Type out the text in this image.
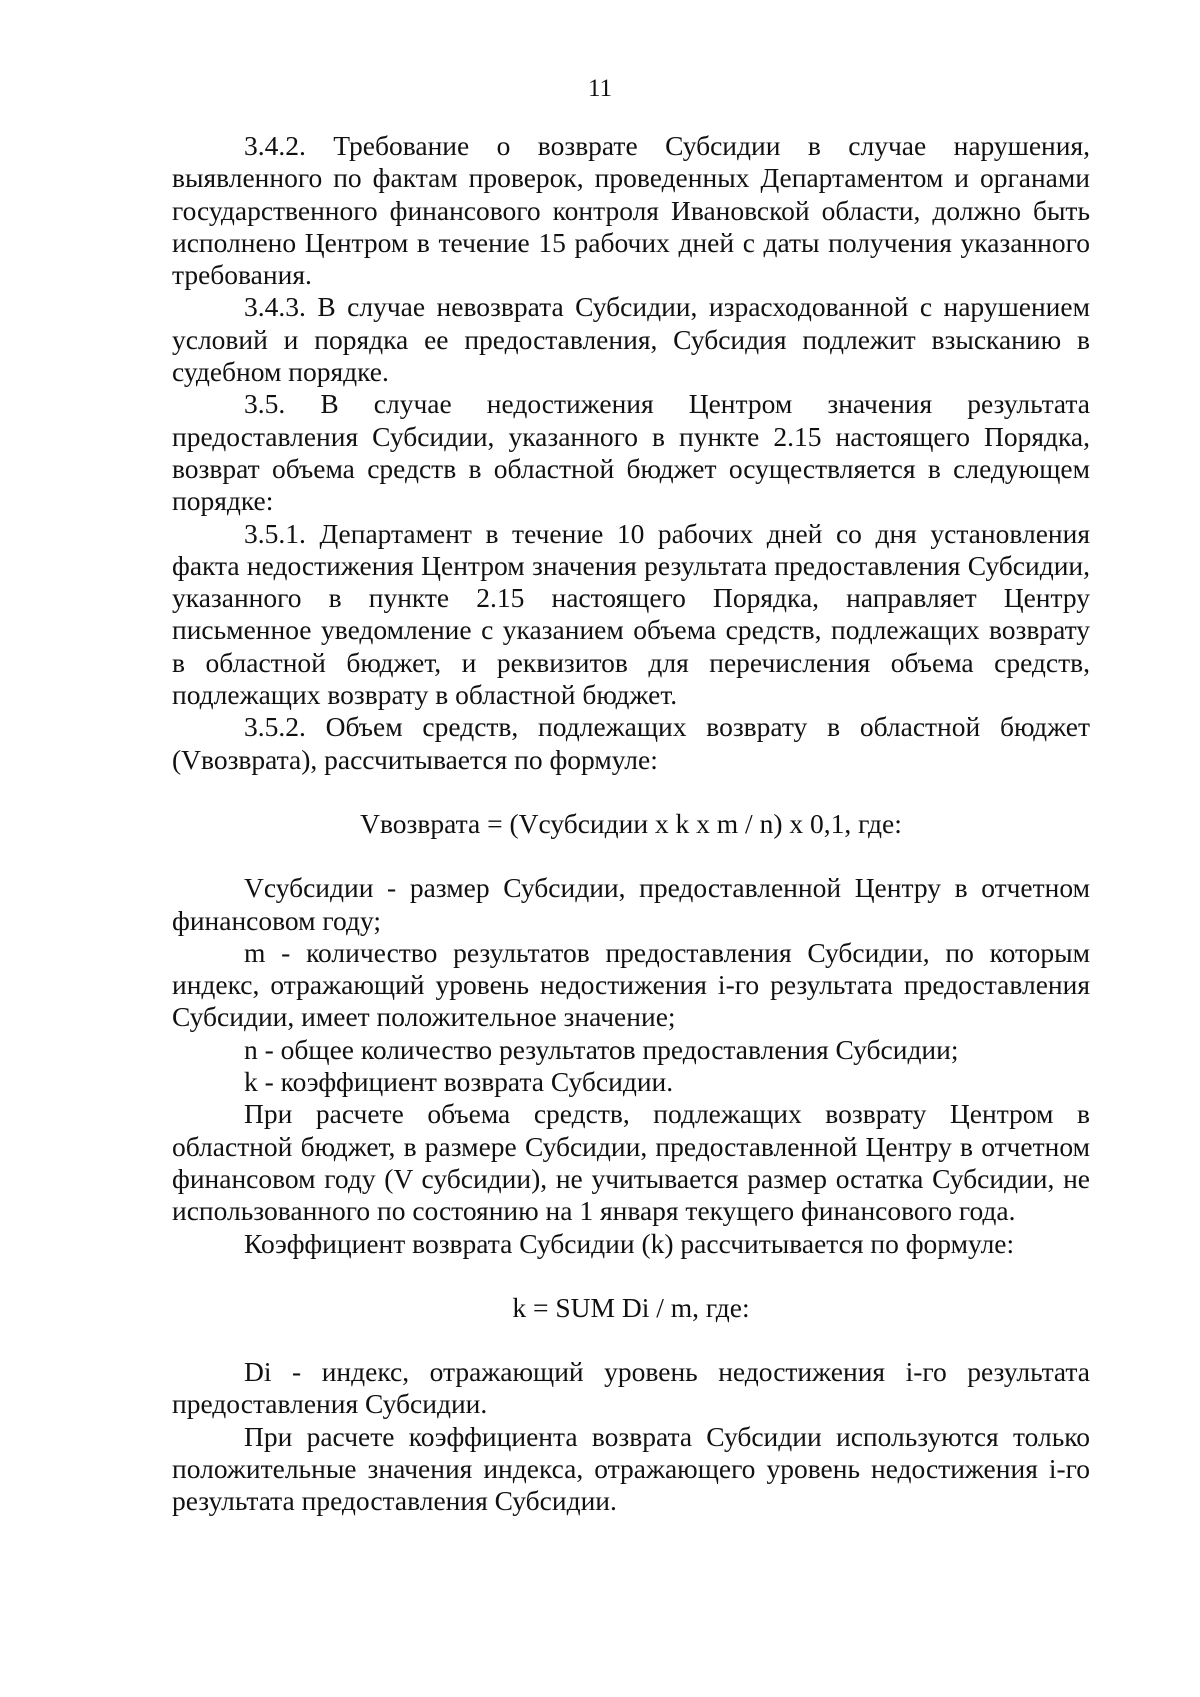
11

3.4.2. Требование о возврате Субсидии в случае нарушения, выявленного по фактам проверок, проведенных Департаментом и органами государственного финансового контроля Ивановской области, должно быть исполнено Центром в течение 15 рабочих дней с даты получения указанного требования.

3.4.3. В случае невозврата Субсидии, израсходованной с нарушением условий и порядка ее предоставления, Субсидия подлежит взысканию в судебном порядке.

3.5. В случае недостижения Центром значения результата предоставления Субсидии, указанного в пункте 2.15 настоящего Порядка, возврат объема средств в областной бюджет осуществляется в следующем порядке:

3.5.1. Департамент в течение 10 рабочих дней со дня установления факта недостижения Центром значения результата предоставления Субсидии, указанного в пункте 2.15 настоящего Порядка, направляет Центру письменное уведомление с указанием объема средств, подлежащих возврату в областной бюджет, и реквизитов для перечисления объема средств, подлежащих возврату в областной бюджет.

3.5.2. Объем средств, подлежащих возврату в областной бюджет (Vвозврата), рассчитывается по формуле:

Vвозврата = (Vсубсидии x k x m / n) x 0,1, где:

Vсубсидии - размер Субсидии, предоставленной Центру в отчетном финансовом году;

m - количество результатов предоставления Субсидии, по которым индекс, отражающий уровень недостижения i-го результата предоставления Субсидии, имеет положительное значение;

n - общее количество результатов предоставления Субсидии;

k - коэффициент возврата Субсидии.

При расчете объема средств, подлежащих возврату Центром в областной бюджет, в размере Субсидии, предоставленной Центру в отчетном финансовом году (V субсидии), не учитывается размер остатка Субсидии, не использованного по состоянию на 1 января текущего финансового года.

Коэффициент возврата Субсидии (k) рассчитывается по формуле:

k = SUM Di / m, где:

Di - индекс, отражающий уровень недостижения i-го результата предоставления Субсидии.

При расчете коэффициента возврата Субсидии используются только положительные значения индекса, отражающего уровень недостижения i-го результата предоставления Субсидии.
